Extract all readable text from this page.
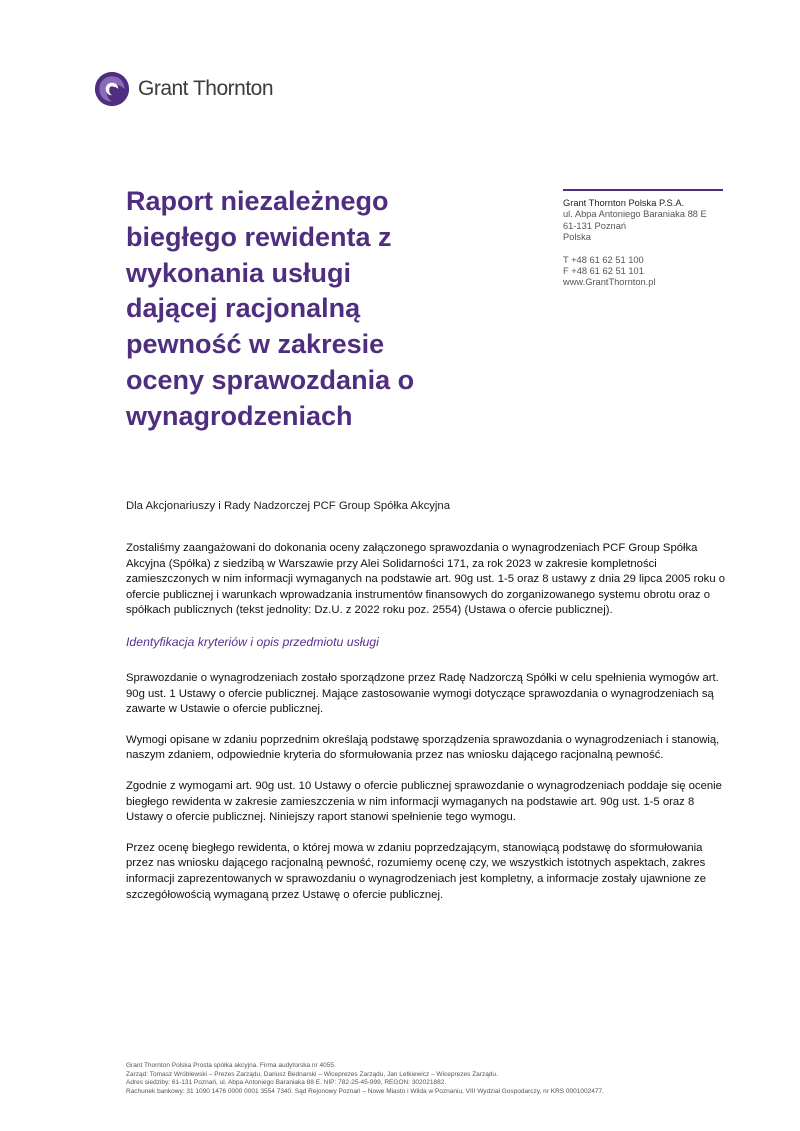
Grant Thornton
Raport niezależnego biegłego rewidenta z wykonania usługi dającej racjonalną pewność w zakresie oceny sprawozdania o wynagrodzeniach
Grant Thornton Polska P.S.A.
ul. Abpa Antoniego Baraniaka 88 E
61-131 Poznań
Polska
T +48 61 62 51 100
F +48 61 62 51 101
www.GrantThornton.pl
Dla Akcjonariuszy i Rady Nadzorczej PCF Group Spółka Akcyjna

Zostaliśmy zaangażowani do dokonania oceny załączonego sprawozdania o wynagrodzeniach PCF Group Spółka Akcyjna (Spółka) z siedzibą w Warszawie przy Alei Solidarności 171, za rok 2023 w zakresie kompletności zamieszczonych w nim informacji wymaganych na podstawie art. 90g ust. 1-5 oraz 8 ustawy z dnia 29 lipca 2005 roku o ofercie publicznej i warunkach wprowadzania instrumentów finansowych do zorganizowanego systemu obrotu oraz o spółkach publicznych (tekst jednolity: Dz.U. z 2022 roku poz. 2554) (Ustawa o ofercie publicznej).

Identyfikacja kryteriów i opis przedmiotu usługi

Sprawozdanie o wynagrodzeniach zostało sporządzone przez Radę Nadzorczą Spółki w celu spełnienia wymogów art. 90g ust. 1 Ustawy o ofercie publicznej. Mające zastosowanie wymogi dotyczące sprawozdania o wynagrodzeniach są zawarte w Ustawie o ofercie publicznej.

Wymogi opisane w zdaniu poprzednim określają podstawę sporządzenia sprawozdania o wynagrodzeniach i stanowią, naszym zdaniem, odpowiednie kryteria do sformułowania przez nas wniosku dającego racjonalną pewność.

Zgodnie z wymogami art. 90g ust. 10 Ustawy o ofercie publicznej sprawozdanie o wynagrodzeniach poddaje się ocenie biegłego rewidenta w zakresie zamieszczenia w nim informacji wymaganych na podstawie art. 90g ust. 1-5 oraz 8 Ustawy o ofercie publicznej. Niniejszy raport stanowi spełnienie tego wymogu.

Przez ocenę biegłego rewidenta, o której mowa w zdaniu poprzedzającym, stanowiącą podstawę do sformułowania przez nas wniosku dającego racjonalną pewność, rozumiemy ocenę czy, we wszystkich istotnych aspektach, zakres informacji zaprezentowanych w sprawozdaniu o wynagrodzeniach jest kompletny, a informacje zostały ujawnione ze szczegółowością wymaganą przez Ustawę o ofercie publicznej.

Grant Thornton Polska Prosta spółka akcyjna. Firma audytorska nr 4055.
Zarząd: Tomasz Wróblewski – Prezes Zarządu, Dariusz Bednarski – Wiceprezes Zarządu, Jan Letkiewicz – Wiceprezes Zarządu.
Adres siedziby: 61-131 Poznań, ul. Abpa Antoniego Baraniaka 88 E. NIP: 782-25-45-999, REGON: 302021882.
Rachunek bankowy: 31 1090 1476 0000 0001 3554 7340. Sąd Rejonowy Poznań – Nowe Miasto i Wilda w Poznaniu, VIII Wydział Gospodarczy, nr KRS 0001002477.
